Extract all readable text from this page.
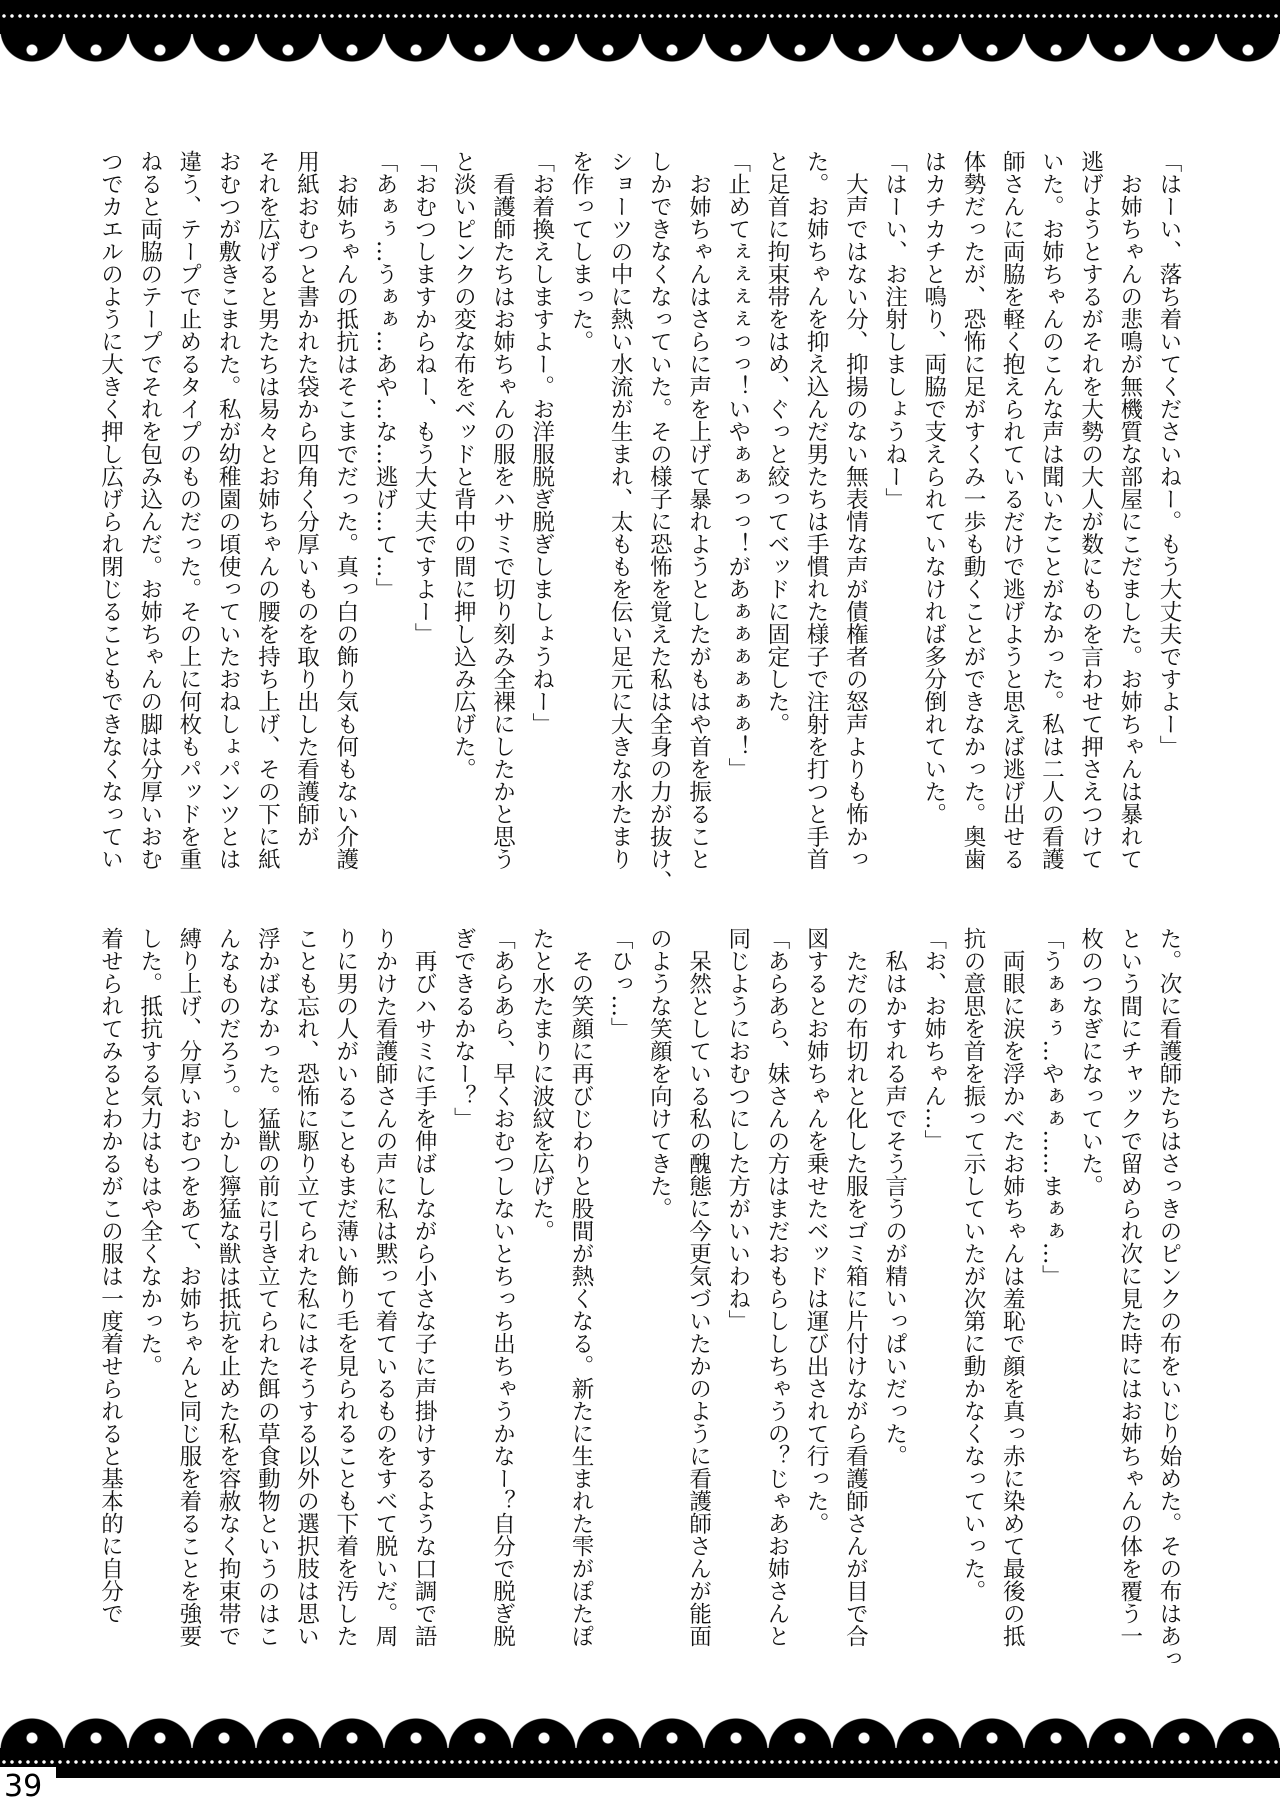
「はーい、落ち着いてくださいねー。もう大丈夫ですよー」
　お姉ちゃんの悲鳴が無機質な部屋にこだました。お姉ちゃんは暴れて
逃げようとするがそれを大勢の大人が数にものを言わせて押さえつけて
いた。お姉ちゃんのこんな声は聞いたことがなかった。私は二人の看護
師さんに両脇を軽く抱えられているだけで逃げようと思えば逃げ出せる
体勢だったが、恐怖に足がすくみ一歩も動くことができなかった。奥歯
はカチカチと鳴り、両脇で支えられていなければ多分倒れていた。
「はーい、お注射しましょうねー」
　大声ではない分、抑揚のない無表情な声が債権者の怒声よりも怖かっ
た。お姉ちゃんを抑え込んだ男たちは手慣れた様子で注射を打つと手首
と足首に拘束帯をはめ、ぐっと絞ってベッドに固定した。
「止めてぇぇぇぇっっ！いやぁぁっっ！があぁぁぁぁぁぁ！」
　お姉ちゃんはさらに声を上げて暴れようとしたがもはや首を振ること
しかできなくなっていた。その様子に恐怖を覚えた私は全身の力が抜け、
ショーツの中に熱い水流が生まれ、太ももを伝い足元に大きな水たまり
を作ってしまった。
「お着換えしますよー。お洋服脱ぎ脱ぎしましょうねー」
　看護師たちはお姉ちゃんの服をハサミで切り刻み全裸にしたかと思う
と淡いピンクの変な布をベッドと背中の間に押し込み広げた。
「おむつしますからねー、もう大丈夫ですよー」
「あぁぅ…うぁぁ…あや…な…逃げ…て…」
　お姉ちゃんの抵抗はそこまでだった。真っ白の飾り気も何もない介護
用紙おむつと書かれた袋から四角く分厚いものを取り出した看護師が
それを広げると男たちは易々とお姉ちゃんの腰を持ち上げ、その下に紙
おむつが敷きこまれた。私が幼稚園の頃使っていたおねしょパンツとは
違う、テープで止めるタイプのものだった。その上に何枚もパッドを重
ねると両脇のテープでそれを包み込んだ。お姉ちゃんの脚は分厚いおむ
つでカエルのように大きく押し広げられ閉じることもできなくなってい
た。次に看護師たちはさっきのピンクの布をいじり始めた。その布はあっ
という間にチャックで留められ次に見た時にはお姉ちゃんの体を覆う一
枚のつなぎになっていた。
「うぁぁぅ…やぁぁ……まぁぁ…」
　両眼に涙を浮かべたお姉ちゃんは羞恥で顔を真っ赤に染めて最後の抵
抗の意思を首を振って示していたが次第に動かなくなっていった。
「お、お姉ちゃん…」
　私はかすれる声でそう言うのが精いっぱいだった。
　ただの布切れと化した服をゴミ箱に片付けながら看護師さんが目で合
図するとお姉ちゃんを乗せたベッドは運び出されて行った。
「あらあら、妹さんの方はまだおもらししちゃうの？じゃあお姉さんと
同じようにおむつにした方がいいわね」
　呆然としている私の醜態に今更気づいたかのように看護師さんが能面
のような笑顔を向けてきた。
「ひっ…」
　その笑顔に再びじわりと股間が熱くなる。新たに生まれた雫がぽたぽ
たと水たまりに波紋を広げた。
「あらあら、早くおむつしないとちっち出ちゃうかなー？自分で脱ぎ脱
ぎできるかなー？」
　再びハサミに手を伸ばしながら小さな子に声掛けするような口調で語
りかけた看護師さんの声に私は黙って着ているものをすべて脱いだ。周
りに男の人がいることもまだ薄い飾り毛を見られることも下着を汚した
ことも忘れ、恐怖に駆り立てられた私にはそうする以外の選択肢は思い
浮かばなかった。猛獣の前に引き立てられた餌の草食動物というのはこ
んなものだろう。しかし獰猛な獣は抵抗を止めた私を容赦なく拘束帯で
縛り上げ、分厚いおむつをあて、お姉ちゃんと同じ服を着ることを強要
した。抵抗する気力はもはや全くなかった。
着せられてみるとわかるがこの服は一度着せられると基本的に自分で
39
